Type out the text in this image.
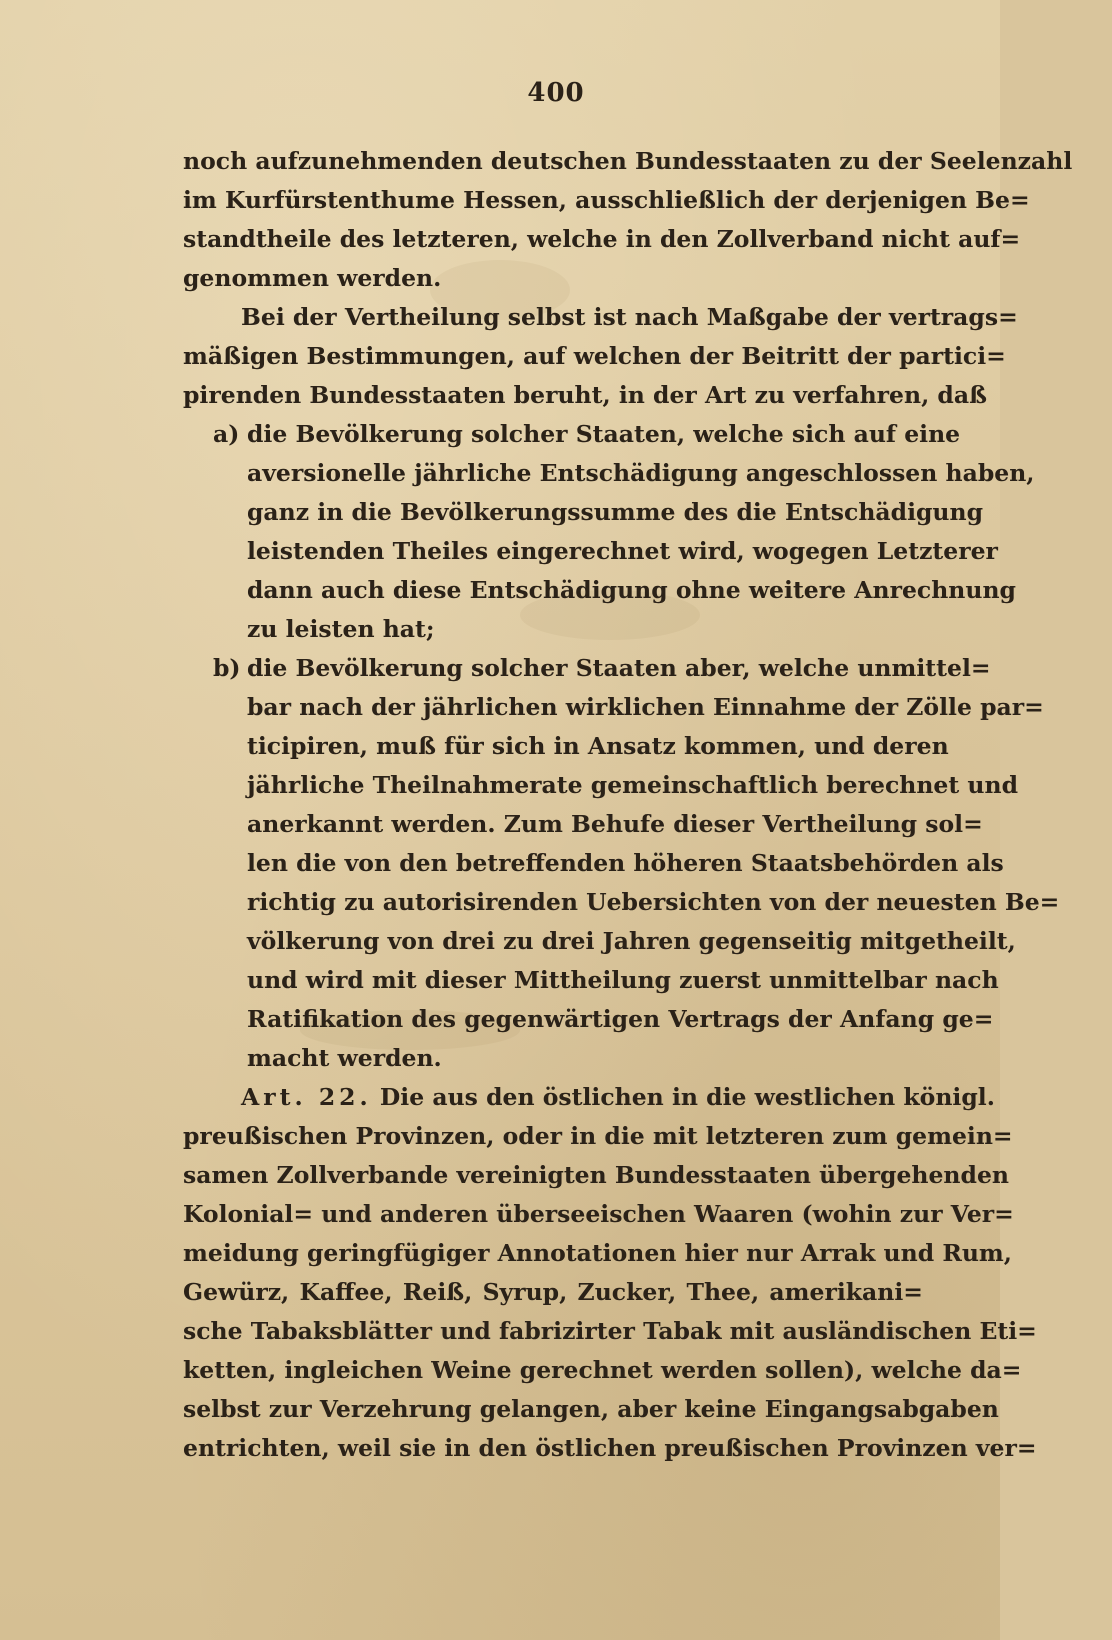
400
noch aufzunehmenden deutschen Bundesstaaten zu der Seelenzahl
im Kurfürstenthume Hessen, ausschließlich der derjenigen Be=
standtheile des letzteren, welche in den Zollverband nicht auf=
genommen werden.
Bei der Vertheilung selbst ist nach Maßgabe der vertrags=
mäßigen Bestimmungen, auf welchen der Beitritt der partici=
pirenden Bundesstaaten beruht, in der Art zu verfahren, daß
a) die Bevölkerung solcher Staaten, welche sich auf eine
aversionelle jährliche Entschädigung angeschlossen haben,
ganz in die Bevölkerungssumme des die Entschädigung
leistenden Theiles eingerechnet wird, wogegen Letzterer
dann auch diese Entschädigung ohne weitere Anrechnung
zu leisten hat;
b) die Bevölkerung solcher Staaten aber, welche unmittel=
bar nach der jährlichen wirklichen Einnahme der Zölle par=
ticipiren, muß für sich in Ansatz kommen, und deren
jährliche Theilnahmerate gemeinschaftlich berechnet und
anerkannt werden. Zum Behufe dieser Vertheilung sol=
len die von den betreffenden höheren Staatsbehörden als
richtig zu autorisirenden Uebersichten von der neuesten Be=
völkerung von drei zu drei Jahren gegenseitig mitgetheilt,
und wird mit dieser Mittheilung zuerst unmittelbar nach
Ratifikation des gegenwärtigen Vertrags der Anfang ge=
macht werden.
Art. 22. Die aus den östlichen in die westlichen königl.
preußischen Provinzen, oder in die mit letzteren zum gemein=
samen Zollverbande vereinigten Bundesstaaten übergehenden
Kolonial= und anderen überseeischen Waaren (wohin zur Ver=
meidung geringfügiger Annotationen hier nur Arrak und Rum,
Gewürz, Kaffee, Reiß, Syrup, Zucker, Thee, amerikani=
sche Tabaksblätter und fabrizirter Tabak mit ausländischen Eti=
ketten, ingleichen Weine gerechnet werden sollen), welche da=
selbst zur Verzehrung gelangen, aber keine Eingangsabgaben
entrichten, weil sie in den östlichen preußischen Provinzen ver=
